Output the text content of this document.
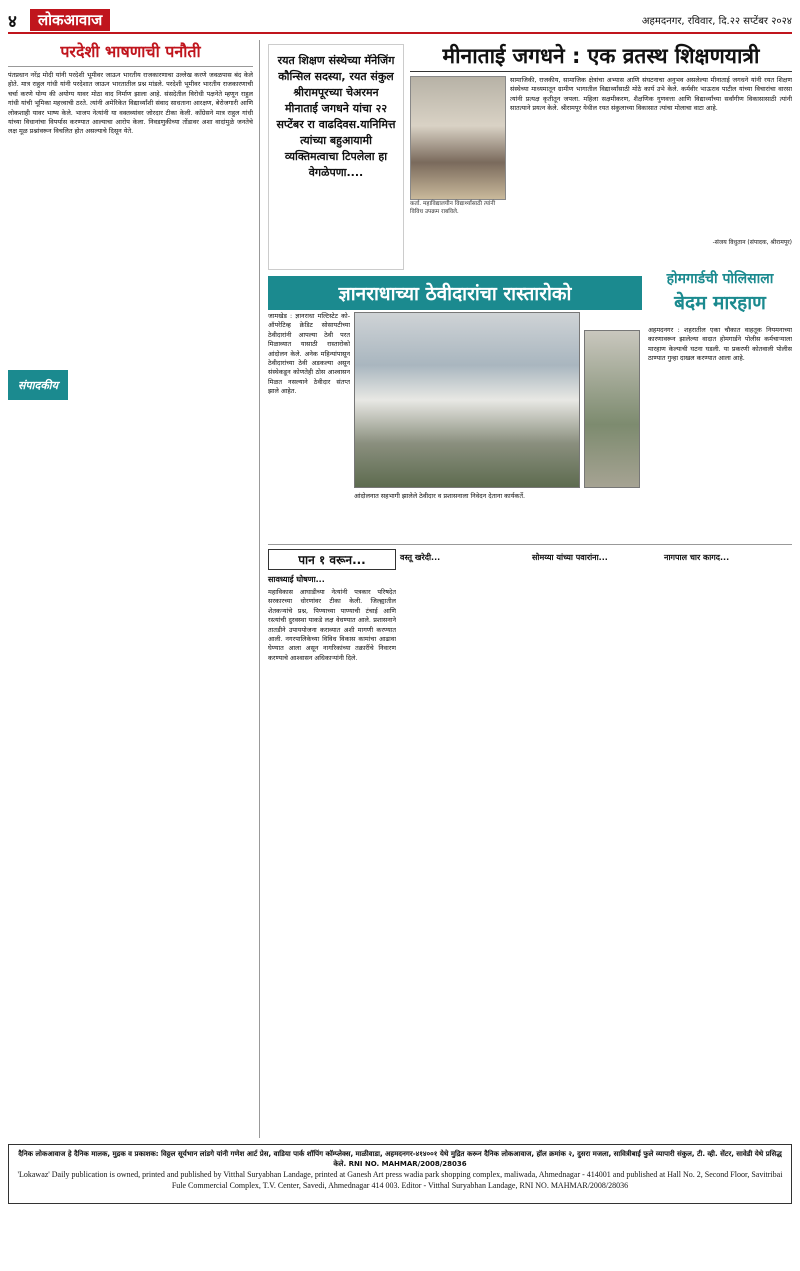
४	लोकआवाज	अहमदनगर, रविवार, दि.२२ सप्टेंबर २०२४
परदेशी भाषणाची पनौती
पंतप्रधान नरेंद्र मोदी यांनी परदेशी भूमीवर जाऊन भारतीय राजकारणाचा उल्लेख करणे जवळपास बंद केले होते. मात्र राहुल गांधी यांनी परदेशात जाऊन भारतातील प्रश्न मांडले. परदेशी भूमीवर भारतीय राजकारणाची चर्चा करणे योग्य की अयोग्य यावर मोठा वाद निर्माण झाला आहे. संसदेतील विरोधी पक्षनेते म्हणून राहुल गांधी यांची भूमिका महत्त्वाची ठरते. त्यांनी अमेरिकेत विद्यार्थ्यांशी संवाद साधताना आरक्षण, बेरोजगारी आणि लोकशाही यावर भाष्य केले. भाजप नेत्यांनी या वक्तव्यांवर जोरदार टीका केली. काँग्रेसने मात्र राहुल गांधी यांच्या विधानांचा विपर्यास करण्यात आल्याचा आरोप केला. निवडणुकीच्या तोंडावर अशा वादांमुळे जनतेचे लक्ष मूळ प्रश्नांवरून विचलित होत असल्याचे दिसून येते.
संपादकीय

रयत शिक्षण संस्थेच्या मॅनेजिंग कौन्सिल सदस्या, रयत संकुल श्रीरामपूरच्या चेअरमन मीनाताई जगधने यांचा २२ सप्टेंबर रा वाढदिवस.यानिमित्त त्यांच्या बहुआयामी व्यक्तिमत्वाचा टिपलेला हा वेगळेपणा....

मीनाताई जगधने : एक व्रतस्थ शिक्षणयात्री
कर्ता. महाविद्यालयीन विद्यार्थ्यांसाठी त्यांनी विविध उपक्रम राबविले.
सामाजिकी, राजकीय, सामाजिक क्षेत्रांचा अभ्यास आणि संघटनाचा अनुभव असलेल्या मीनाताई जगधने यांनी रयत शिक्षण संस्थेच्या माध्यमातून ग्रामीण भागातील विद्यार्थ्यांसाठी मोठे कार्य उभे केले. कर्मवीर भाऊराव पाटील यांच्या विचारांचा वारसा त्यांनी प्रत्यक्ष कृतीतून जपला. महिला सक्षमीकरण, शैक्षणिक गुणवत्ता आणि विद्यार्थ्यांच्या सर्वांगीण विकासासाठी त्यांनी सातत्याने प्रयत्न केले. श्रीरामपूर येथील रयत संकुलाच्या विकासात त्यांचा मोलाचा वाटा आहे.
-संजय विधुतान (संपादक, श्रीरामपूर)
ज्ञानराधाच्या ठेवीदारांचा रास्तारोको
जामखेड : ज्ञानराधा मल्टिस्टेट को-ऑपरेटिव्ह क्रेडिट सोसायटीच्या ठेवीदारांनी आपल्या ठेवी परत मिळाव्यात यासाठी रास्तारोको आंदोलन केले. अनेक महिन्यांपासून ठेवीदारांच्या ठेवी अडकल्या असून संस्थेकडून कोणतेही ठोस आश्वासन मिळत नसल्याने ठेवीदार संतप्त झाले आहेत.
आंदोलनात सहभागी झालेले ठेवीदार व प्रशासनाला निवेदन देताना कार्यकर्ते.
होमगार्डची पोलिसाला
बेदम मारहाण
अहमदनगर : शहरातील एका चौकात वाहतूक नियमनाच्या कारणावरून झालेल्या वादात होमगार्डने पोलीस कर्मचाऱ्याला मारहाण केल्याची घटना घडली. या प्रकरणी कोतवाली पोलीस ठाण्यात गुन्हा दाखल करण्यात आला आहे.
पान १ वरून...
सावध्याई घोषणा...
महाविकास आघाडीच्या नेत्यांनी पत्रकार परिषदेत सरकारच्या धोरणांवर टीका केली. जिल्ह्यातील शेतकऱ्यांचे प्रश्न, पिण्याच्या पाण्याची टंचाई आणि रस्त्यांची दुरवस्था याकडे लक्ष वेधण्यात आले. प्रशासनाने तातडीने उपाययोजना कराव्यात अशी मागणी करण्यात आली. नगरपालिकेच्या विविध विकास कामांचा आढावा घेण्यात आला असून नागरिकांच्या तक्रारींचे निवारण करण्याचे आश्वासन अधिकाऱ्यांनी दिले.
वस्तू खरेदी...	सोमय्या यांच्या पवारांना...	नागपाल चार कागद...
दैनिक लोकआवाज हे दैनिक मालक, मुद्रक व प्रकाशक: विठ्ठल सूर्यभान लांडगे यांनी गणेश आर्ट प्रेस, वाडिया पार्क शॉपिंग कॉम्प्लेक्स, माळीवाडा, अहमदनगर-४१४००१ येथे मुद्रित करून दैनिक लोकआवाज, हॉल क्रमांक २, दुसरा मजला, सावित्रीबाई फुले व्यापारी संकुल, टी. व्ही. सेंटर, सावेडी येथे प्रसिद्ध केले. RNI NO. MAHMAR/2008/28036
'Lokawaz' Daily publication is owned, printed and published by Vitthal Suryabhan Landage, printed at Ganesh Art press wadia park shopping complex, maliwada, Ahmednagar - 414001 and published at Hall No. 2, Second Floor, Savitribai Fule Commercial Complex, T.V. Center, Savedi, Ahmednagar 414 003. Editor - Vitthal Suryabhan Landage, RNI NO. MAHMAR/2008/28036
